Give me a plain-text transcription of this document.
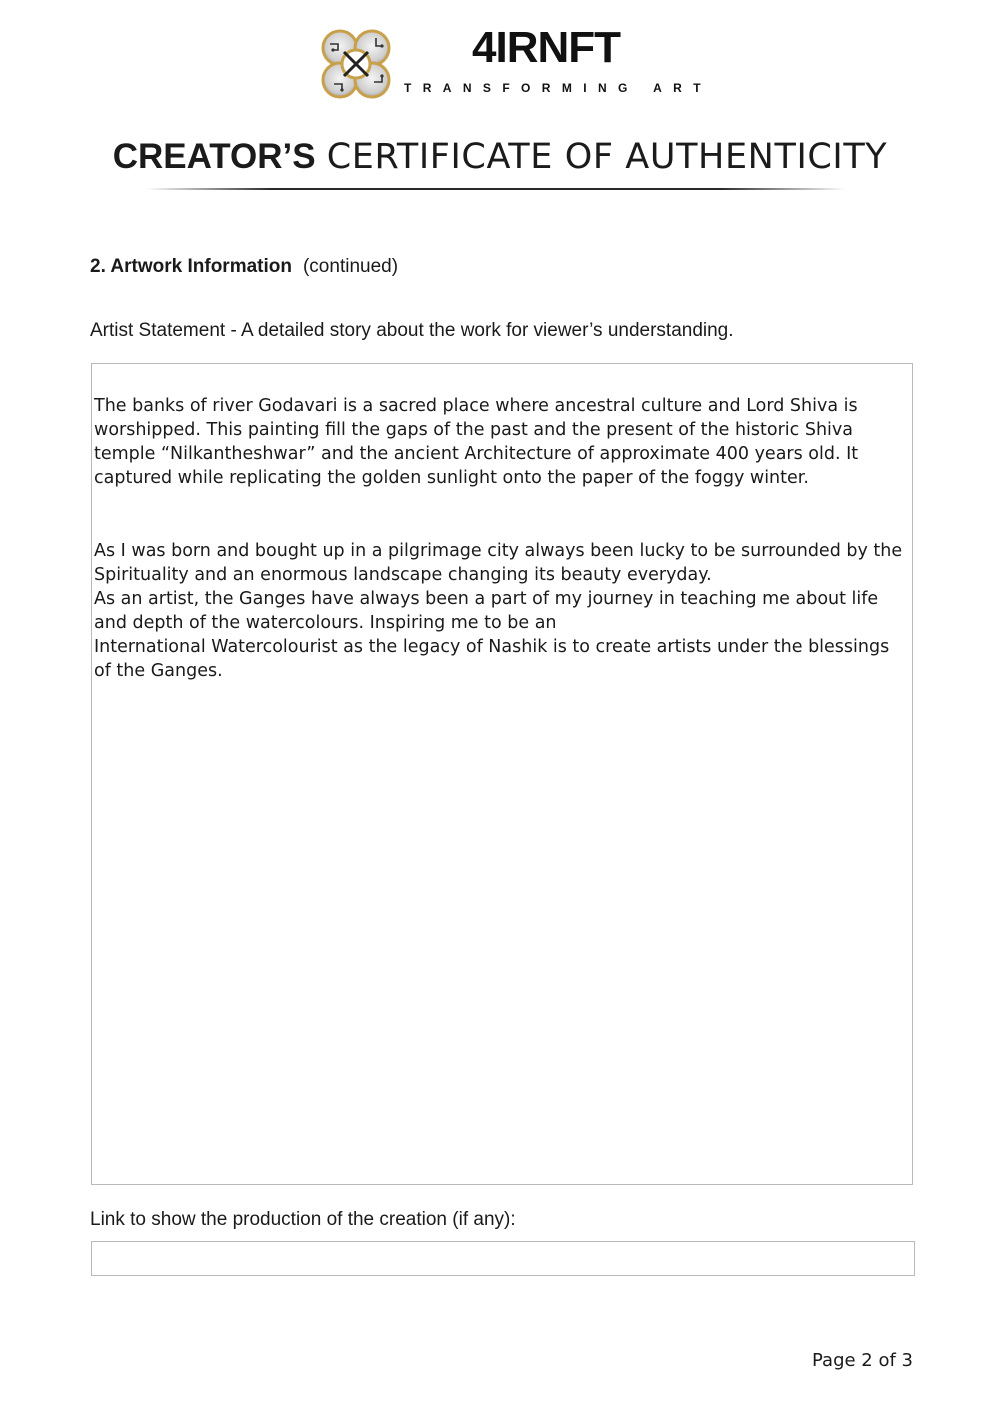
4IRNFT
TRANSFORMING ART
CREATOR’S CERTIFICATE OF AUTHENTICITY
2. Artwork Information (continued)
Artist Statement - A detailed story about the work for viewer’s understanding.

The banks of river Godavari is a sacred place where ancestral culture and Lord Shiva is worshipped. This painting fill the gaps of the past and the present of the historic Shiva temple “Nilkantheshwar” and the ancient Architecture of approximate 400 years old. It captured while replicating the golden sunlight onto the paper of the foggy winter.

As I was born and bought up in a pilgrimage city always been lucky to be surrounded by the Spirituality and an enormous landscape changing its beauty everyday.

As an artist, the Ganges have always been a part of my journey in teaching me about life and depth of the watercolours. Inspiring me to be an

International Watercolourist as the legacy of Nashik is to create artists under the blessings of the Ganges.

Link to show the production of the creation (if any):
Page 2 of 3
